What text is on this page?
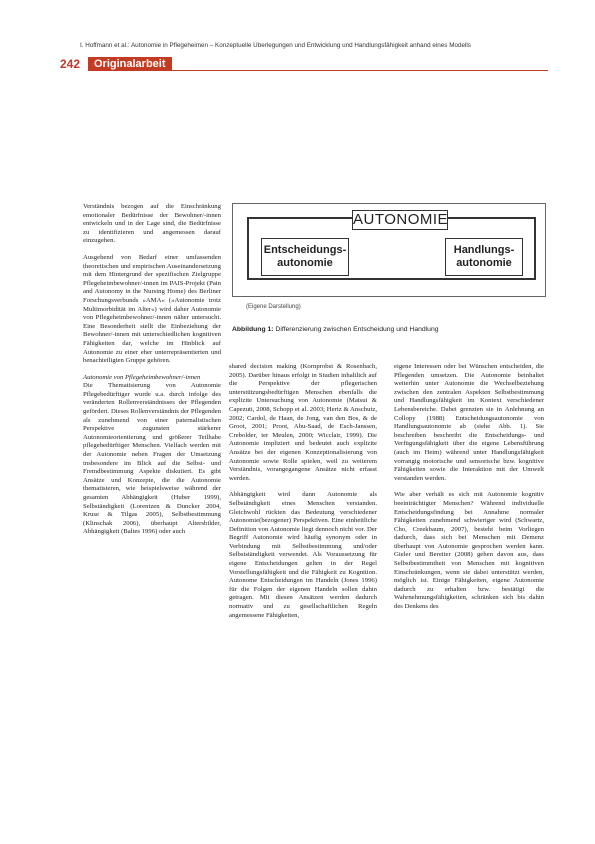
I. Hoffmann et al.: Autonomie in Pflegeheimen – Konzeptuelle Überlegungen und Entwicklung und Handlungsfähigkeit anhand eines Modells
242	Originalarbeit

Verständnis bezogen auf die Einschränkung emotionaler Bedürfnisse der Bewohner/-innen entwickeln und in der Lage sind, die Bedürfnisse zu identifizieren und angemessen darauf einzugehen.

Ausgehend von Bedarf einer umfassenden theoretischen und empirischen Auseinandersetzung mit dem Hintergrund der spezifischen Zielgruppe Pflegeheimbewohner/-innen im PAIS-Projekt (Pain and Autonomy in the Nursing Home) des Berliner Forschungsverbunds »AMA« (»Autonomie trotz Multimorbidität im Alter«) wird daher Autonomie von Pflegeheimbewohner/-innen näher untersucht. Eine Besonderheit stellt die Einbeziehung der Bewohner/-innen mit unterschiedlichen kognitiven Fähigkeiten dar, welche im Hinblick auf Autonomie zu einer eher unterrepräsentierten und benachteiligten Gruppe gehören.

Autonomie von Pflegeheimbewohner/-innen

Die Thematisierung von Autonomie Pflegebedürftiger wurde u.a. durch infolge des veränderten Rollenverständnisses der Pflegenden gefördert. Dieses Rollenverständnis der Pflegenden als zunehmend von einer paternalistischen Perspektive zugunsten stärkerer Autonomieorientierung und größerer Teilhabe pflegebedürftiger Menschen. Vielfach werden mit der Autonomie neben Fragen der Umsetzung insbesondere im Blick auf die Selbst- und Fremdbestimmung Aspekte diskutiert. Es gibt Ansätze und Konzepte, die die Autonomie thematisieren, wie beispielsweise während der gesamten Abhängigkeit (Huber 1999), Selbständigkeit (Lorentzen & Duncker 2004, Kruse & Tilgas 2005), Selbstbestimmung (Klinschak 2006), überhaupt Altersbilder, Abhängigkeit (Baltes 1996) oder auch

AUTONOMIE
Entscheidungs-
autonomie
Handlungs-
autonomie
(Eigene Darstellung)
Abbildung 1: Differenzierung zwischen Entscheidung und Handlung

shared decision making (Kornprobst & Rosenbach, 2005). Darüber hinaus erfolgt in Studien inhaltlich auf die Perspektive der pflegerischen unterstützungsbedürftigen Menschen ebenfalls die explizite Untersuchung von Autonomie (Matsui & Capezuti, 2008, Schopp et al. 2003; Hertz & Anschutz, 2002; Cardol, de Haan, de Jong, van den Bos, & de Groot, 2001; Proot, Abu-Saad, de Esch-Janssen, Crebolder, ter Meulen, 2000; Wicclair, 1999). Die Autonomie impliziert und bedeutet auch explizite Ansätze bei der eigenen Konzeptionalisierung von Autonomie sowie Rolle spielen, weil zu weiterem Verständnis, vorangegangene Ansätze nicht erfasst werden.

Abhängigkeit wird dann Autonomie als Selbständigkeit eines Menschen verstanden. Gleichwohl rückten das Bedeutung verschiedener Autonomie(bezogener) Perspektiven. Eine einheitliche Definition von Autonomie liegt dennoch nicht vor. Der Begriff Autonomie wird häufig synonym oder in Verbindung mit Selbstbestimmung und/oder Selbstständigkeit verwendet. Als Voraussetzung für eigene Entscheidungen gelten in der Regel Vorstellungsfähigkeit und die Fähigkeit zu Kognition. Autonome Entscheidungen im Handeln (Jones 1996) für die Folgen der eigenen Handeln sollen dahin getragen. Mit diesen Ansätzen werden dadurch normativ und zu gesellschaftlichen Regeln angemessene Fähigkeiten,

eigene Interessen oder bei Wünschen entscheiden, die Pflegenden umsetzen. Die Autonomie beinhaltet weiterhin unter Autonomie die Wechselbeziehung zwischen den zentralen Aspekten Selbstbestimmung und Handlungsfähigkeit im Kontext verschiedener Lebensbereiche. Dabei grenzten sie in Anlehnung an Collopy (1988) Entscheidungsautonomie von Handlungsautonomie ab (siehe Abb. 1). Sie beschreiben beschreibt die Entscheidungs- und Verfügungsfähigkeit über die eigene Lebensführung (auch im Heim) während unter Handlungsfähigkeit vorrangig motorische und sensorische bzw. kognitive Fähigkeiten sowie die Interaktion mit der Umwelt verstanden werden.

Wie aber verhält es sich mit Autonomie kognitiv beeinträchtigter Menschen? Während individuelle Entscheidungsfindung bei Annahme normaler Fähigkeiten zunehmend schwieriger wird (Schwartz, Cho, Creekbaum, 2007), besteht beim Vorliegen dadurch, dass sich bei Menschen mit Demenz überhaupt von Autonomie gesprochen werden kann. Gieler und Bereiter (2008) gehen davon aus, dass Selbstbestimmtheit von Menschen mit kognitiven Einschränkungen, wenn sie dabei unterstützt werden, möglich ist. Einige Fähigkeiten, eigene Autonomie dadurch zu erhalten bzw. bestätigt die Wahrnehmungsfähigkeiten, schränken sich bis dahin des Denkens des
